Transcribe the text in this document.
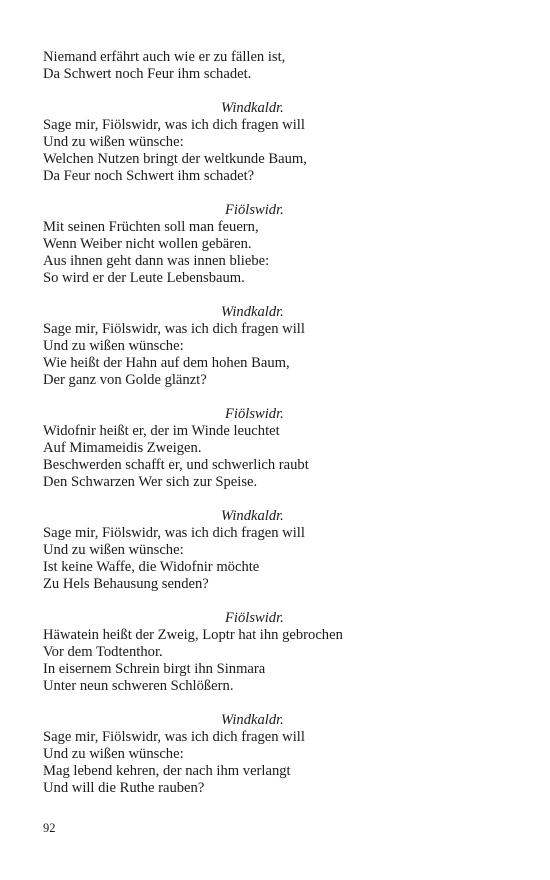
Niemand erfährt auch wie er zu fällen ist,
Da Schwert noch Feur ihm schadet.
Windkaldr.
Sage mir, Fiölswidr, was ich dich fragen will
Und zu wißen wünsche:
Welchen Nutzen bringt der weltkunde Baum,
Da Feur noch Schwert ihm schadet?
Fiölswidr.
Mit seinen Früchten soll man feuern,
Wenn Weiber nicht wollen gebären.
Aus ihnen geht dann was innen bliebe:
So wird er der Leute Lebensbaum.
Windkaldr.
Sage mir, Fiölswidr, was ich dich fragen will
Und zu wißen wünsche:
Wie heißt der Hahn auf dem hohen Baum,
Der ganz von Golde glänzt?
Fiölswidr.
Widofnir heißt er, der im Winde leuchtet
Auf Mimameidis Zweigen.
Beschwerden schafft er, und schwerlich raubt
Den Schwarzen Wer sich zur Speise.
Windkaldr.
Sage mir, Fiölswidr, was ich dich fragen will
Und zu wißen wünsche:
Ist keine Waffe, die Widofnir möchte
Zu Hels Behausung senden?
Fiölswidr.
Häwatein heißt der Zweig, Loptr hat ihn gebrochen
Vor dem Todtenthor.
In eisernem Schrein birgt ihn Sinmara
Unter neun schweren Schlößern.
Windkaldr.
Sage mir, Fiölswidr, was ich dich fragen will
Und zu wißen wünsche:
Mag lebend kehren, der nach ihm verlangt
Und will die Ruthe rauben?
92
